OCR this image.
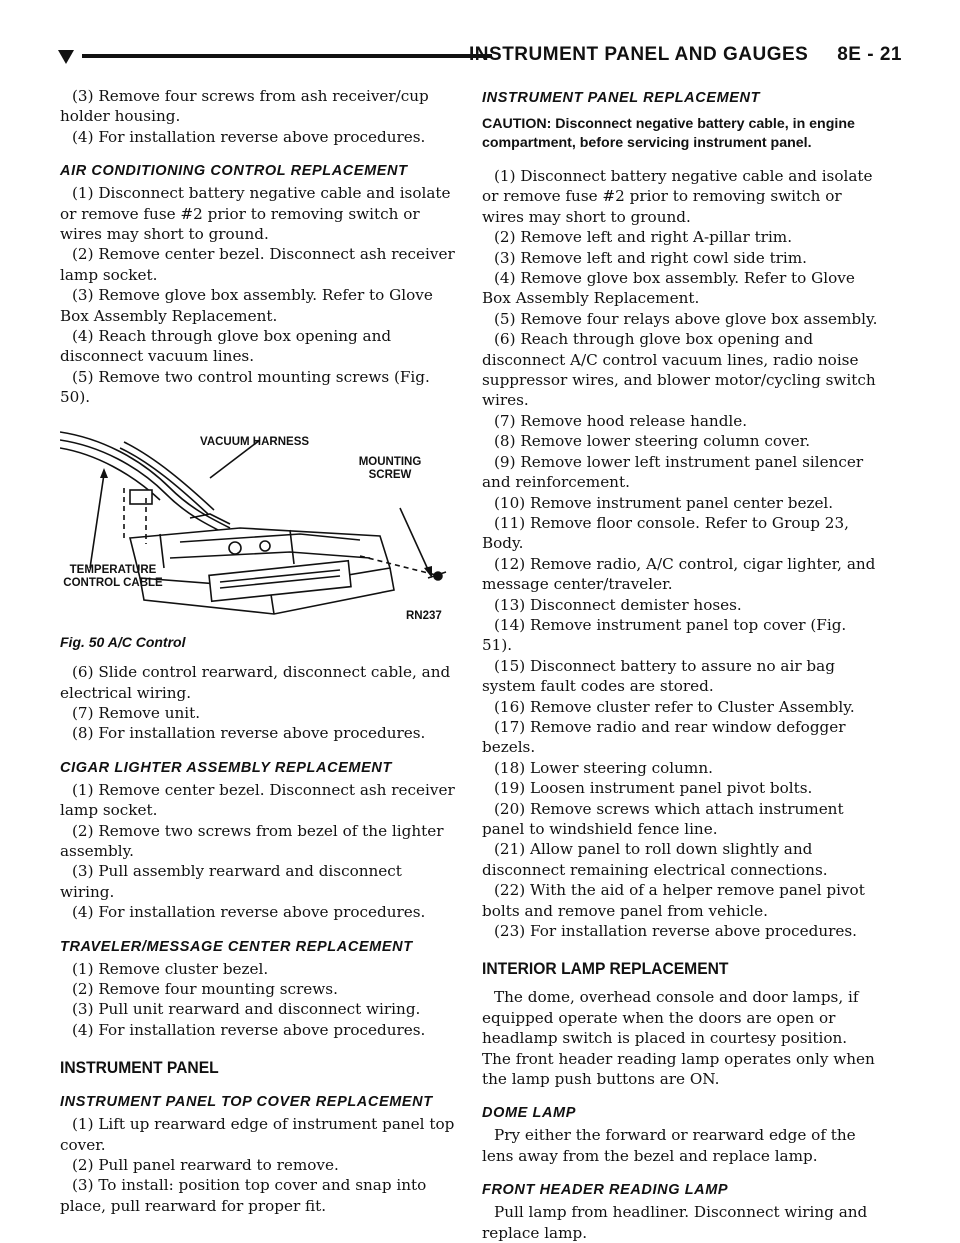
INSTRUMENT PANEL AND GAUGES     8E - 21

(3) Remove four screws from ash receiver/cup holder housing.

(4) For installation reverse above procedures.

AIR CONDITIONING CONTROL REPLACEMENT

(1) Disconnect battery negative cable and isolate or remove fuse #2 prior to removing switch or wires may short to ground.

(2) Remove center bezel. Disconnect ash receiver lamp socket.

(3) Remove glove box assembly. Refer to Glove Box Assembly Replacement.

(4) Reach through glove box opening and disconnect vacuum lines.

(5) Remove two control mounting screws (Fig. 50).

VACUUM HARNESS
MOUNTING SCREW
TEMPERATURE CONTROL CABLE
RN237
Fig. 50 A/C Control

(6) Slide control rearward, disconnect cable, and electrical wiring.

(7) Remove unit.

(8) For installation reverse above procedures.

CIGAR LIGHTER ASSEMBLY REPLACEMENT

(1) Remove center bezel. Disconnect ash receiver lamp socket.

(2) Remove two screws from bezel of the lighter assembly.

(3) Pull assembly rearward and disconnect wiring.

(4) For installation reverse above procedures.

TRAVELER/MESSAGE CENTER REPLACEMENT

(1) Remove cluster bezel.

(2) Remove four mounting screws.

(3) Pull unit rearward and disconnect wiring.

(4) For installation reverse above procedures.

INSTRUMENT PANEL
INSTRUMENT PANEL TOP COVER REPLACEMENT

(1) Lift up rearward edge of instrument panel top cover.

(2) Pull panel rearward to remove.

(3) To install: position top cover and snap into place, pull rearward for proper fit.

INSTRUMENT PANEL REPLACEMENT

CAUTION: Disconnect negative battery cable, in engine compartment, before servicing instrument panel.

(1) Disconnect battery negative cable and isolate or remove fuse #2 prior to removing switch or wires may short to ground.

(2) Remove left and right A-pillar trim.

(3) Remove left and right cowl side trim.

(4) Remove glove box assembly. Refer to Glove Box Assembly Replacement.

(5) Remove four relays above glove box assembly.

(6) Reach through glove box opening and disconnect A/C control vacuum lines, radio noise suppressor wires, and blower motor/cycling switch wires.

(7) Remove hood release handle.

(8) Remove lower steering column cover.

(9) Remove lower left instrument panel silencer and reinforcement.

(10) Remove instrument panel center bezel.

(11) Remove floor console. Refer to Group 23, Body.

(12) Remove radio, A/C control, cigar lighter, and message center/traveler.

(13) Disconnect demister hoses.

(14) Remove instrument panel top cover (Fig. 51).

(15) Disconnect battery to assure no air bag system fault codes are stored.

(16) Remove cluster refer to Cluster Assembly.

(17) Remove radio and rear window defogger bezels.

(18) Lower steering column.

(19) Loosen instrument panel pivot bolts.

(20) Remove screws which attach instrument panel to windshield fence line.

(21) Allow panel to roll down slightly and disconnect remaining electrical connections.

(22) With the aid of a helper remove panel pivot bolts and remove panel from vehicle.

(23) For installation reverse above procedures.

INTERIOR LAMP REPLACEMENT

The dome, overhead console and door lamps, if equipped operate when the doors are open or headlamp switch is placed in courtesy position. The front header reading lamp operates only when the lamp push buttons are ON.

DOME LAMP

Pry either the forward or rearward edge of the lens away from the bezel and replace lamp.

FRONT HEADER READING LAMP

Pull lamp from headliner. Disconnect wiring and replace lamp.
